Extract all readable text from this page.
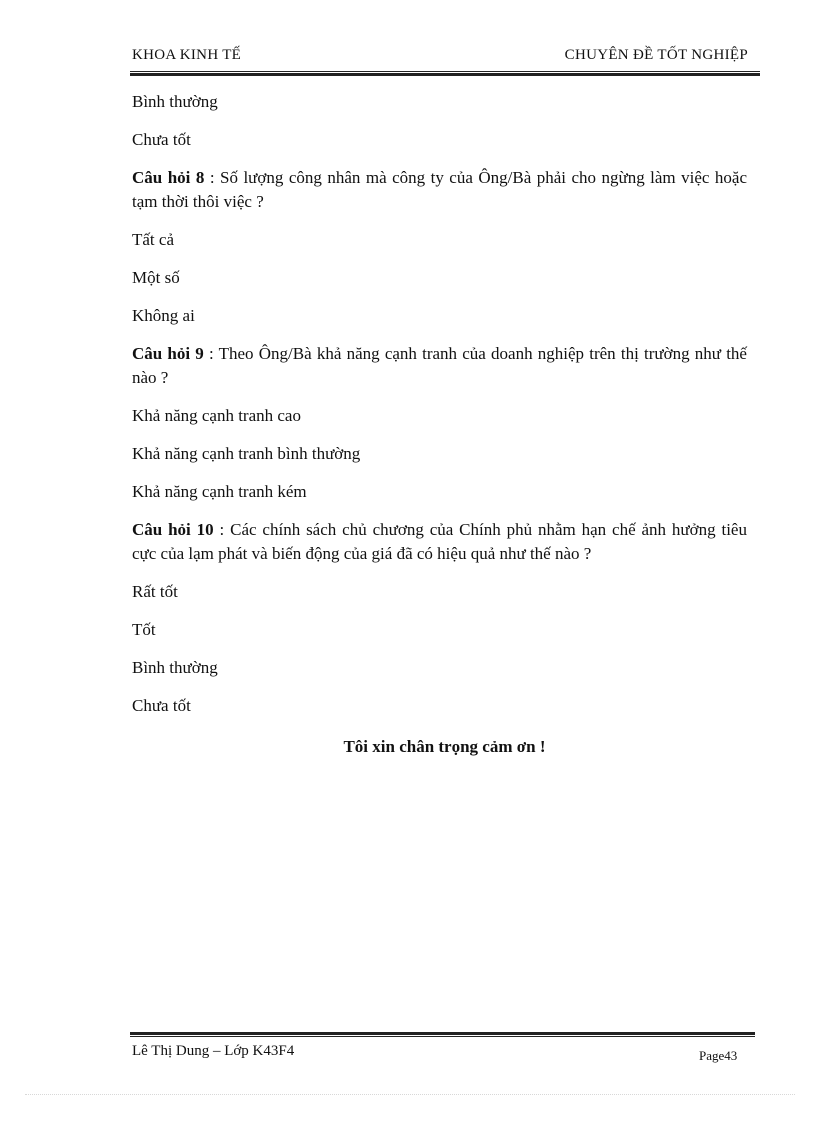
KHOA KINH TẾ	CHUYÊN ĐỀ TỐT NGHIỆP

Bình thường

Chưa tốt

Câu hỏi 8 : Số lượng công nhân mà công ty của Ông/Bà phải cho ngừng làm việc hoặc tạm thời thôi việc ?

Tất cả

Một số

Không ai

Câu hỏi 9 : Theo Ông/Bà khả năng cạnh tranh của doanh nghiệp trên thị trường như thế nào ?

Khả năng cạnh tranh cao

Khả năng cạnh tranh bình thường

Khả năng cạnh tranh kém

Câu hỏi 10 : Các chính sách chủ chương của Chính phủ nhằm hạn chế ảnh hưởng tiêu cực của lạm phát và biến động của giá đã có hiệu quả như thế nào ?

Rất tốt

Tốt

Bình thường

Chưa tốt

Tôi xin chân trọng cảm ơn !
Lê Thị Dung – Lớp K43F4	Page43
